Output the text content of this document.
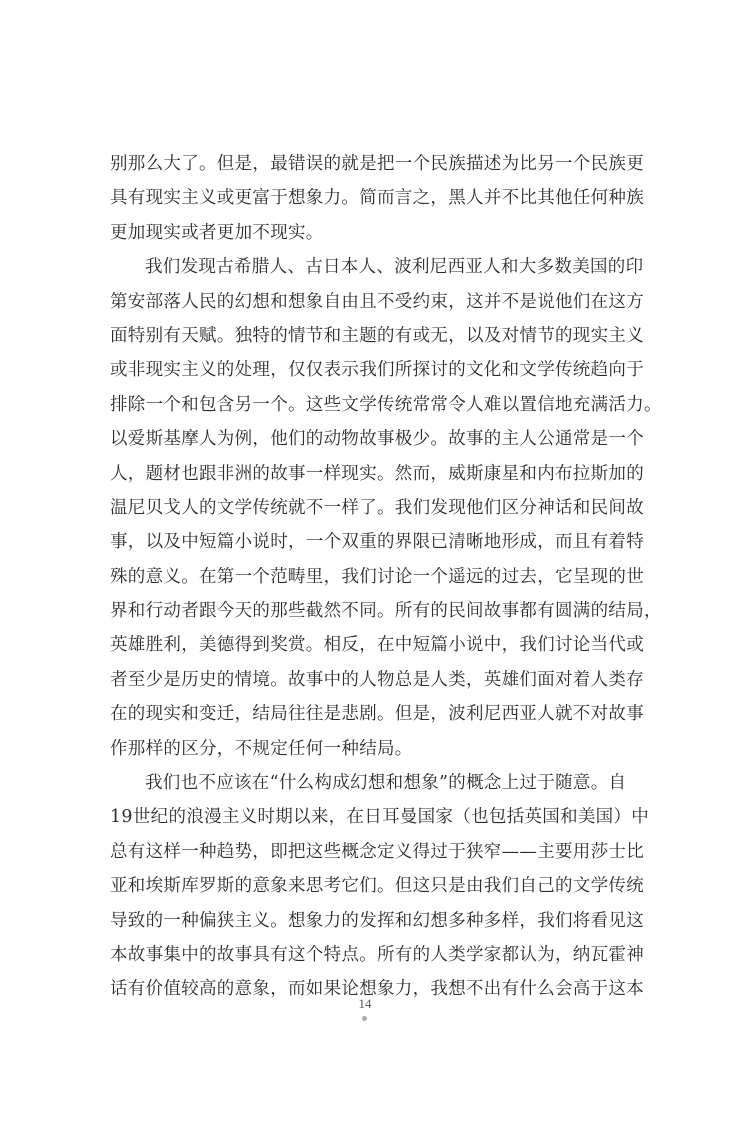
别那么大了。但是，最错误的就是把一个民族描述为比另一个民族更
具有现实主义或更富于想象力。简而言之，黑人并不比其他任何种族
更加现实或者更加不现实。
我们发现古希腊人、古日本人、波利尼西亚人和大多数美国的印
第安部落人民的幻想和想象自由且不受约束，这并不是说他们在这方
面特别有天赋。独特的情节和主题的有或无，以及对情节的现实主义
或非现实主义的处理，仅仅表示我们所探讨的文化和文学传统趋向于
排除一个和包含另一个。这些文学传统常常令人难以置信地充满活力。
以爱斯基摩人为例，他们的动物故事极少。故事的主人公通常是一个
人，题材也跟非洲的故事一样现实。然而，威斯康星和内布拉斯加的
温尼贝戈人的文学传统就不一样了。我们发现他们区分神话和民间故
事，以及中短篇小说时，一个双重的界限已清晰地形成，而且有着特
殊的意义。在第一个范畴里，我们讨论一个遥远的过去，它呈现的世
界和行动者跟今天的那些截然不同。所有的民间故事都有圆满的结局，
英雄胜利，美德得到奖赏。相反，在中短篇小说中，我们讨论当代或
者至少是历史的情境。故事中的人物总是人类，英雄们面对着人类存
在的现实和变迁，结局往往是悲剧。但是，波利尼西亚人就不对故事
作那样的区分，不规定任何一种结局。
我们也不应该在“什么构成幻想和想象”的概念上过于随意。自
19世纪的浪漫主义时期以来，在日耳曼国家（也包括英国和美国）中
总有这样一种趋势，即把这些概念定义得过于狭窄——主要用莎士比
亚和埃斯库罗斯的意象来思考它们。但这只是由我们自己的文学传统
导致的一种偏狭主义。想象力的发挥和幻想多种多样，我们将看见这
本故事集中的故事具有这个特点。所有的人类学家都认为，纳瓦霍神
话有价值较高的意象，而如果论想象力，我想不出有什么会高于这本
14
